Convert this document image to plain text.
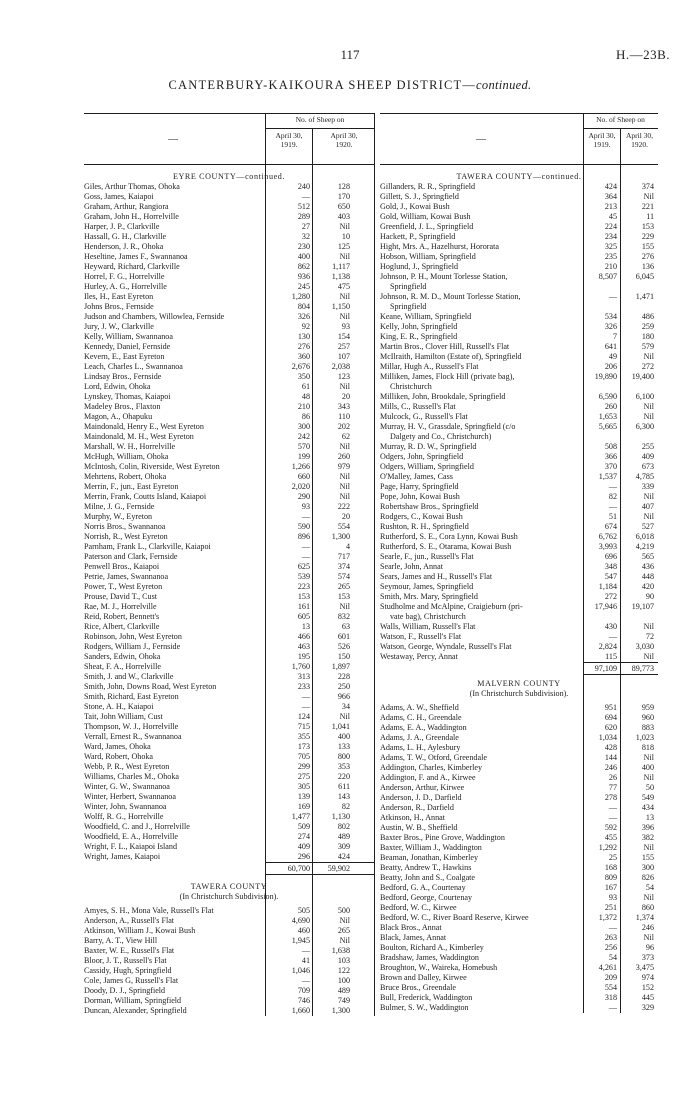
117	H.—23B.
CANTERBURY-KAIKOURA SHEEP DISTRICT—continued.
—
No. of Sheep on
April 30,
1919.
April 30,
1920.
EYRE COUNTY—continued.
Giles, Arthur Thomas, Ohoka	240	128
Goss, James, Kaiapoi	—	170
Graham, Arthur, Rangiora	512	650
Graham, John H., Horrelville	289	403
Harper, J. P., Clarkville	27	Nil
Hassall, G. H., Clarkville	32	10
Henderson, J. R., Ohoka	230	125
Heseltine, James F., Swannanoa	400	Nil
Heyward, Richard, Clarkville	862	1,117
Horrel, F. G., Horrelville	936	1,138
Hurley, A. G., Horrelville	245	475
Iles, H., East Eyreton	1,280	Nil
Johns Bros., Fernside	804	1,150
Judson and Chambers, Willowlea, Fernside	326	Nil
Jury, J. W., Clarkville	92	93
Kelly, William, Swannanoa	130	154
Kennedy, Daniel, Fernside	276	257
Kevern, E., East Eyreton	360	107
Leach, Charles L., Swannanoa	2,676	2,038
Lindsay Bros., Fernside	350	123
Lord, Edwin, Ohoka	61	Nil
Lynskey, Thomas, Kaiapoi	48	20
Madeley Bros., Flaxton	210	343
Magon, A., Ohapuku	86	110
Maindonald, Henry E., West Eyreton	300	202
Maindonald, M. H., West Eyreton	242	62
Marshall, W. H., Horrelville	570	Nil
McHugh, William, Ohoka	199	260
McIntosh, Colin, Riverside, West Eyreton	1,266	979
Mehrtens, Robert, Ohoka	660	Nil
Merrin, F., jun., East Eyreton	2,020	Nil
Merrin, Frank, Coutts Island, Kaiapoi	290	Nil
Milne, J. G., Fernside	93	222
Murphy, W., Eyreton	—	20
Norris Bros., Swannanoa	590	554
Norrish, R., West Eyreton	896	1,300
Parnham, Frank L., Clarkville, Kaiapoi	—	4
Paterson and Clark, Fernside	—	717
Penwell Bros., Kaiapoi	625	374
Petrie, James, Swannanoa	539	574
Power, T., West Eyreton	223	265
Prouse, David T., Cust	153	153
Rae, M. J., Horrelville	161	Nil
Reid, Robert, Bennett's	605	832
Rice, Albert, Clarkville	13	63
Robinson, John, West Eyreton	466	601
Rodgers, William J., Fernside	463	526
Sanders, Edwin, Ohoka	195	150
Sheat, F. A., Horrelville	1,760	1,897
Smith, J. and W., Clarkville	313	228
Smith, John, Downs Road, West Eyreton	233	250
Smith, Richard, East Eyreton	—	966
Stone, A. H., Kaiapoi	—	34
Tait, John William, Cust	124	Nil
Thompson, W. J., Horrelville	715	1,041
Verrall, Ernest R., Swannanoa	355	400
Ward, James, Ohoka	173	133
Ward, Robert, Ohoka	705	800
Webb, P. R., West Eyreton	299	353
Williams, Charles M., Ohoka	275	220
Winter, G. W., Swannanoa	305	611
Winter, Herbert, Swannanoa	139	143
Winter, John, Swannanoa	169	82
Wolff, R. G., Horrelville	1,477	1,130
Woodfield, C. and J., Horrelville	509	802
Woodfield, E. A., Horrelville	274	489
Wright, F. L., Kaiapoi Island	409	309
Wright, James, Kaiapoi	296	424
60,700	59,902
TAWERA COUNTY
(In Christchurch Subdivision).
Amyes, S. H., Mona Vale, Russell's Flat	505	500
Anderson, A., Russell's Flat	4,690	Nil
Atkinson, William J., Kowai Bush	460	265
Barry, A. T., View Hill	1,945	Nil
Baxter, W. E., Russell's Flat	—	1,638
Bloor, J. T., Russell's Flat	41	103
Cassidy, Hugh, Springfield	1,046	122
Cole, James G, Russell's Flat	—	100
Doody, D. J., Springfield	709	489
Dorman, William, Springfield	746	749
Duncan, Alexander, Springfield	1,660	1,300
—
No. of Sheep on
April 30,
1919.
April 30,
1920.
TAWERA COUNTY—continued.
Gillanders, R. R., Springfield	424	374
Gillett, S. J., Springfield	364	Nil
Gold, J., Kowai Bush	213	221
Gold, William, Kowai Bush	45	11
Greenfield, J. L., Springfield	224	153
Hackett, P., Springfield	234	229
Hight, Mrs. A., Hazelhurst, Hororata	325	155
Hobson, William, Springfield	235	276
Hoglund, J., Springfield	210	136
Johnson, P. H., Mount Torlesse Station,	8,507	6,045
Springfield
Johnson, R. M. D., Mount Torlesse Station,	—	1,471
Springfield
Keane, William, Springfield	534	486
Kelly, John, Springfield	326	259
King, E. R., Springfield	7	180
Martin Bros., Clover Hill, Russell's Flat	641	579
McIlraith, Hamilton (Estate of), Springfield	49	Nil
Millar, Hugh A., Russell's Flat	206	272
Milliken, James, Flock Hill (private bag),	19,890	19,400
Christchurch
Milliken, John, Brookdale, Springfield	6,590	6,100
Mills, C., Russell's Flat	260	Nil
Mulcock, G., Russell's Flat	1,653	Nil
Murray, H. V., Grassdale, Springfield (c/o	5,665	6,300
Dalgety and Co., Christchurch)
Murray, R. D. W., Springfield	508	255
Odgers, John, Springfield	366	409
Odgers, William, Springfield	370	673
O'Malley, James, Cass	1,537	4,785
Page, Harry, Springfield	—	339
Pope, John, Kowai Bush	82	Nil
Robertshaw Bros., Springfield	—	407
Rodgers, C., Kowai Bush	51	Nil
Rushton, R. H., Springfield	674	527
Rutherford, S. E., Cora Lynn, Kowai Bush	6,762	6,018
Rutherford, S. E., Otarama, Kowai Bush	3,993	4,219
Searle, F., jun., Russell's Flat	696	565
Searle, John, Annat	348	436
Sears, James and H., Russell's Flat	547	448
Seymour, James, Springfield	1,184	420
Smith, Mrs. Mary, Springfield	272	90
Studholme and McAlpine, Craigieburn (pri-	17,946	19,107
vate bag), Christchurch
Walls, William, Russell's Flat	430	Nil
Watson, F., Russell's Flat	—	72
Watson, George, Wyndale, Russell's Flat	2,824	3,030
Westaway, Percy, Annat	115	Nil
97,109	89,773
MALVERN COUNTY
(In Christchurch Subdivision).
Adams, A. W., Sheffield	951	959
Adams, C. H., Greendale	694	960
Adams, E. A., Waddington	620	883
Adams, J. A., Greendale	1,034	1,023
Adams, L. H., Aylesbury	428	818
Adams, T. W., Otford, Greendale	144	Nil
Addington, Charles, Kimberley	246	400
Addington, F. and A., Kirwee	26	Nil
Anderson, Arthur, Kirwee	77	50
Anderson, J. D., Darfield	278	549
Anderson, R., Darfield	—	434
Atkinson, H., Annat	—	13
Austin, W. B., Sheffield	592	396
Baxter Bros., Pine Grove, Waddington	455	382
Baxter, William J., Waddington	1,292	Nil
Beaman, Jonathan, Kimberley	25	155
Beatty, Andrew T., Hawkins	168	300
Beatty, John and S., Coalgate	809	826
Bedford, G. A., Courtenay	167	54
Bedford, George, Courtenay	93	Nil
Bedford, W. C., Kirwee	251	860
Bedford, W. C., River Board Reserve, Kirwee	1,372	1,374
Black Bros., Annat	—	246
Black, James, Annat	263	Nil
Boulton, Richard A., Kimberley	256	96
Bradshaw, James, Waddington	54	373
Broughton, W., Waireka, Homebush	4,261	3,475
Brown and Dalley, Kirwee	209	974
Bruce Bros., Greendale	554	152
Bull, Frederick, Waddington	318	445
Bulmer, S. W., Waddington	—	329
